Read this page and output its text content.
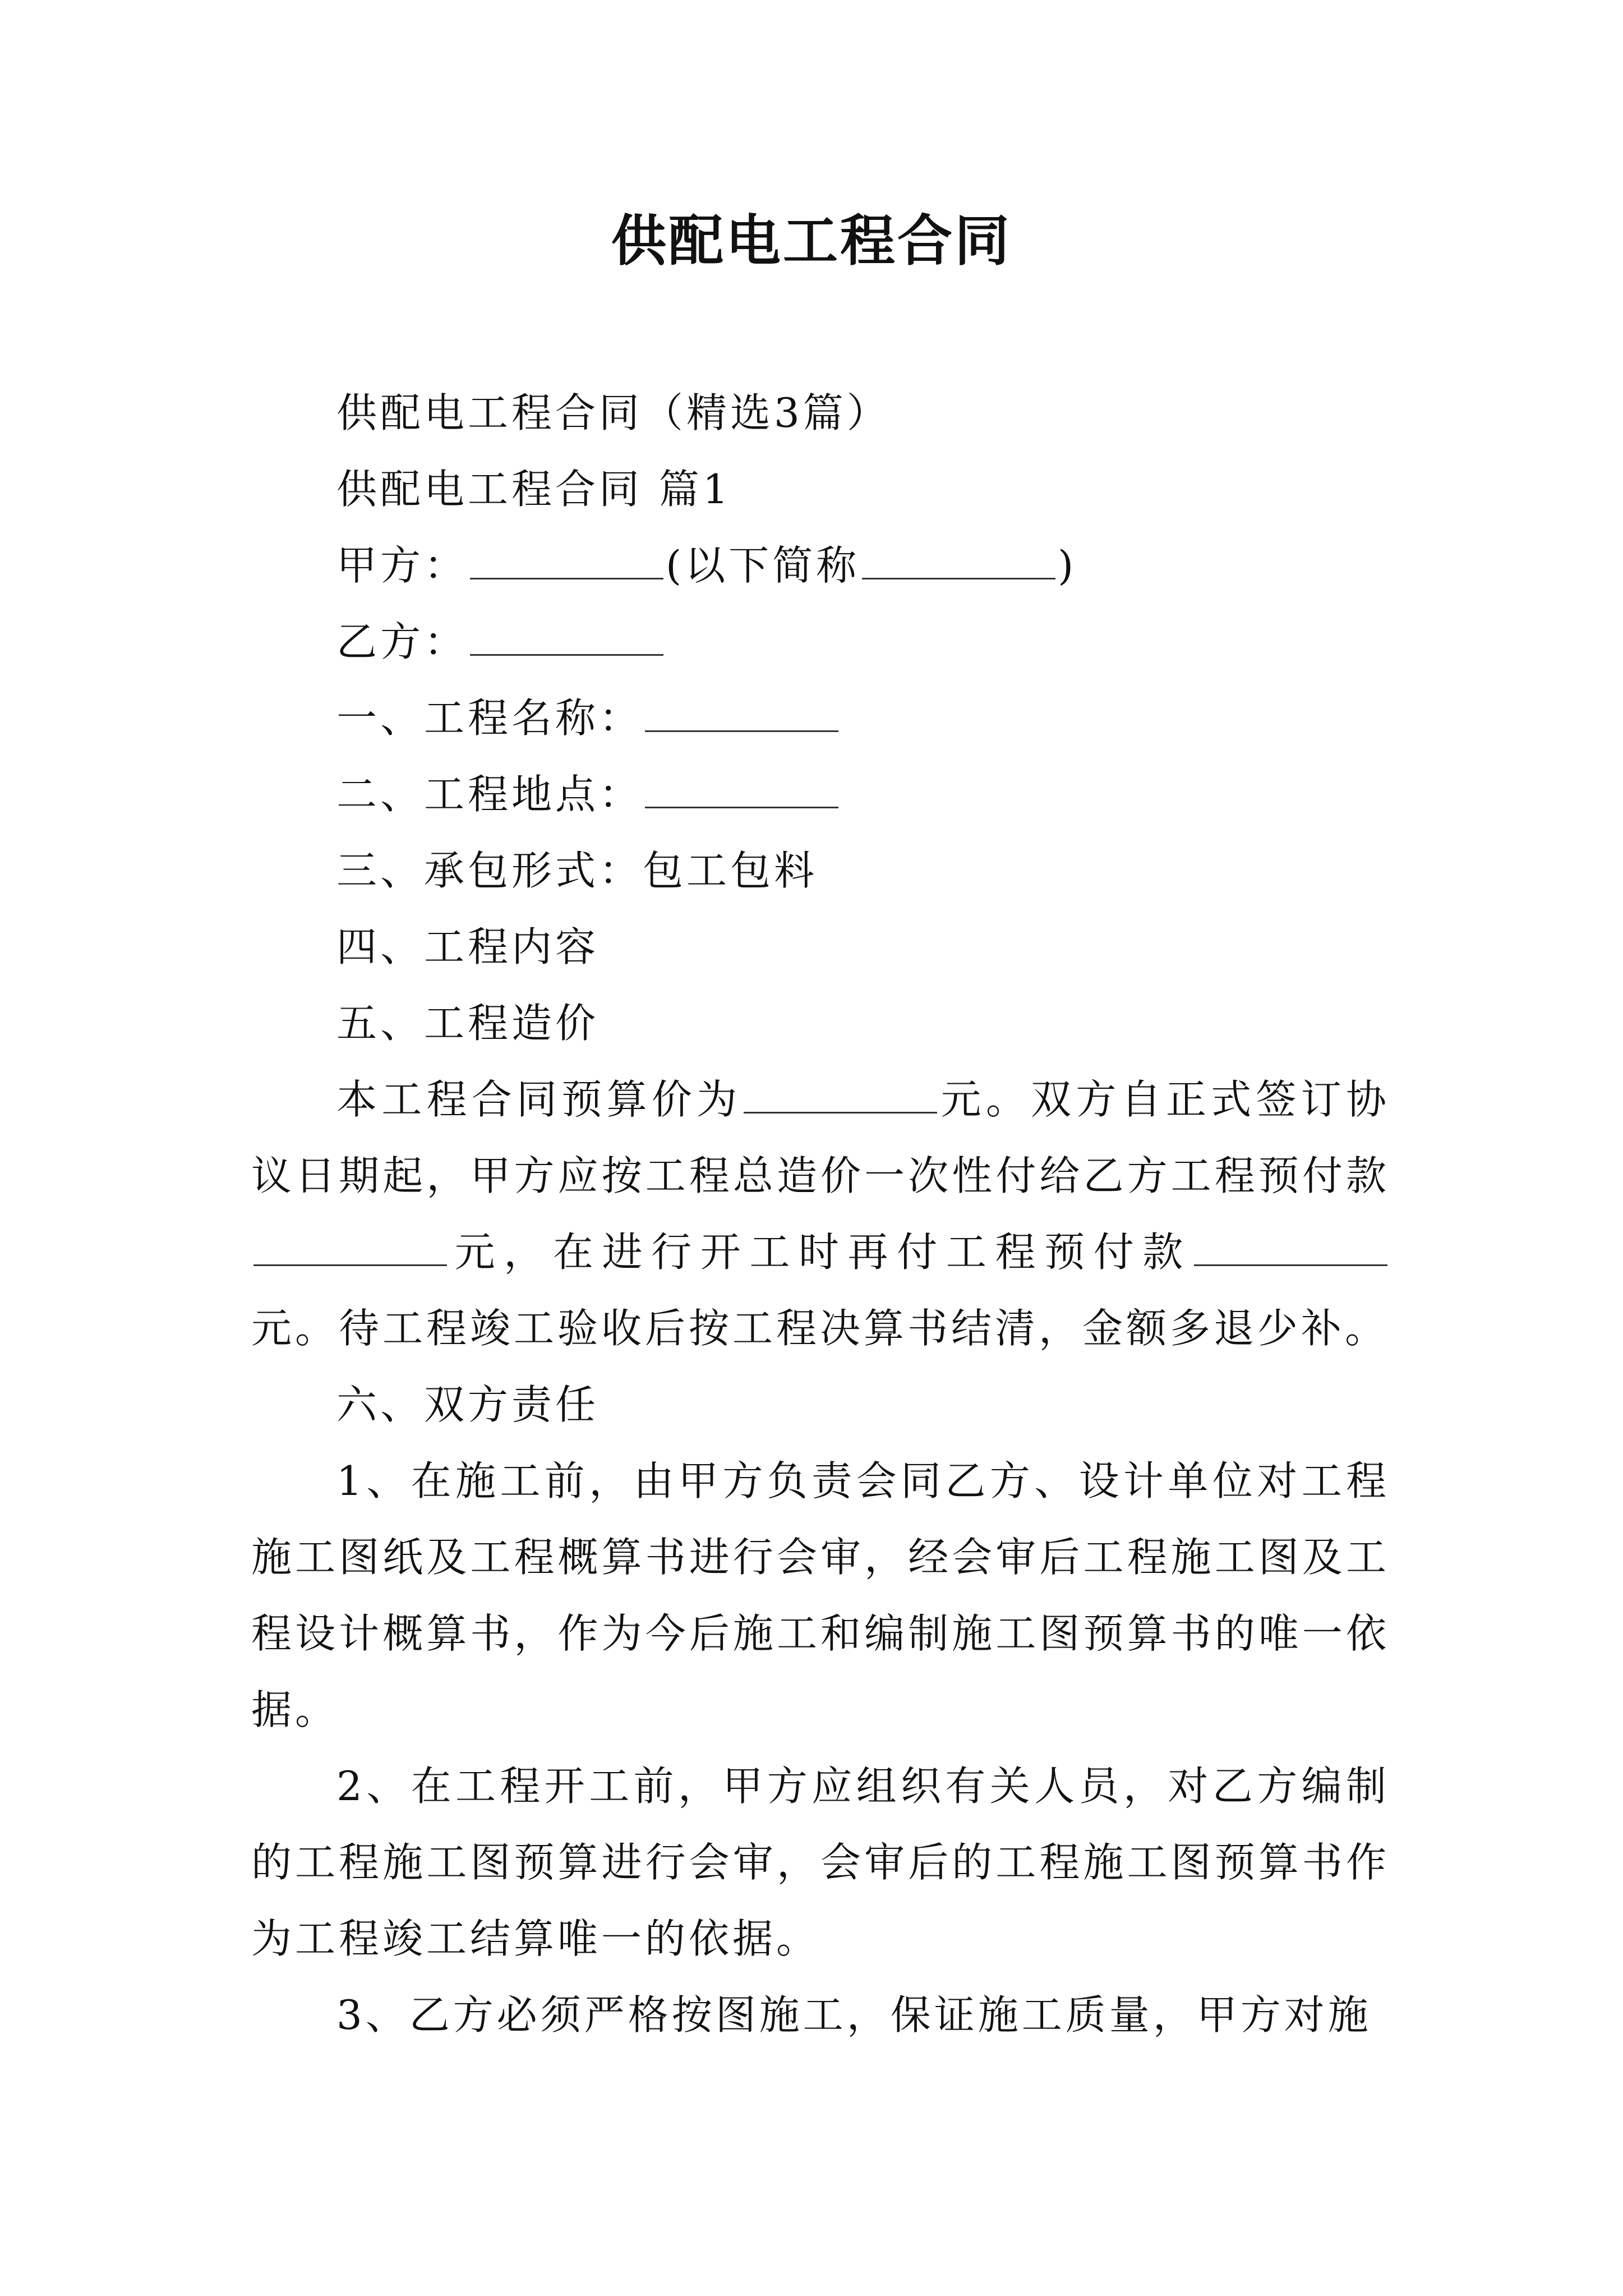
供配电工程合同

供配电工程合同（精选3篇）

供配电工程合同 篇1

甲方：	(以下简称	)

乙方：

一、工程名称：

二、工程地点：

三、承包形式：包工包料

四、工程内容

五、工程造价

本工程合同预算价为	元。双方自正式签订协议日期起，甲方应按工程总造价一次性付给乙方工程预付款元，在进行开工时再付工程预付款元。待工程竣工验收后按工程决算书结清，金额多退少补。

六、双方责任

1、在施工前，由甲方负责会同乙方、设计单位对工程施工图纸及工程概算书进行会审，经会审后工程施工图及工程设计概算书，作为今后施工和编制施工图预算书的唯一依据。

2、在工程开工前，甲方应组织有关人员，对乙方编制的工程施工图预算进行会审，会审后的工程施工图预算书作为工程竣工结算唯一的依据。

3、乙方必须严格按图施工，保证施工质量，甲方对施
